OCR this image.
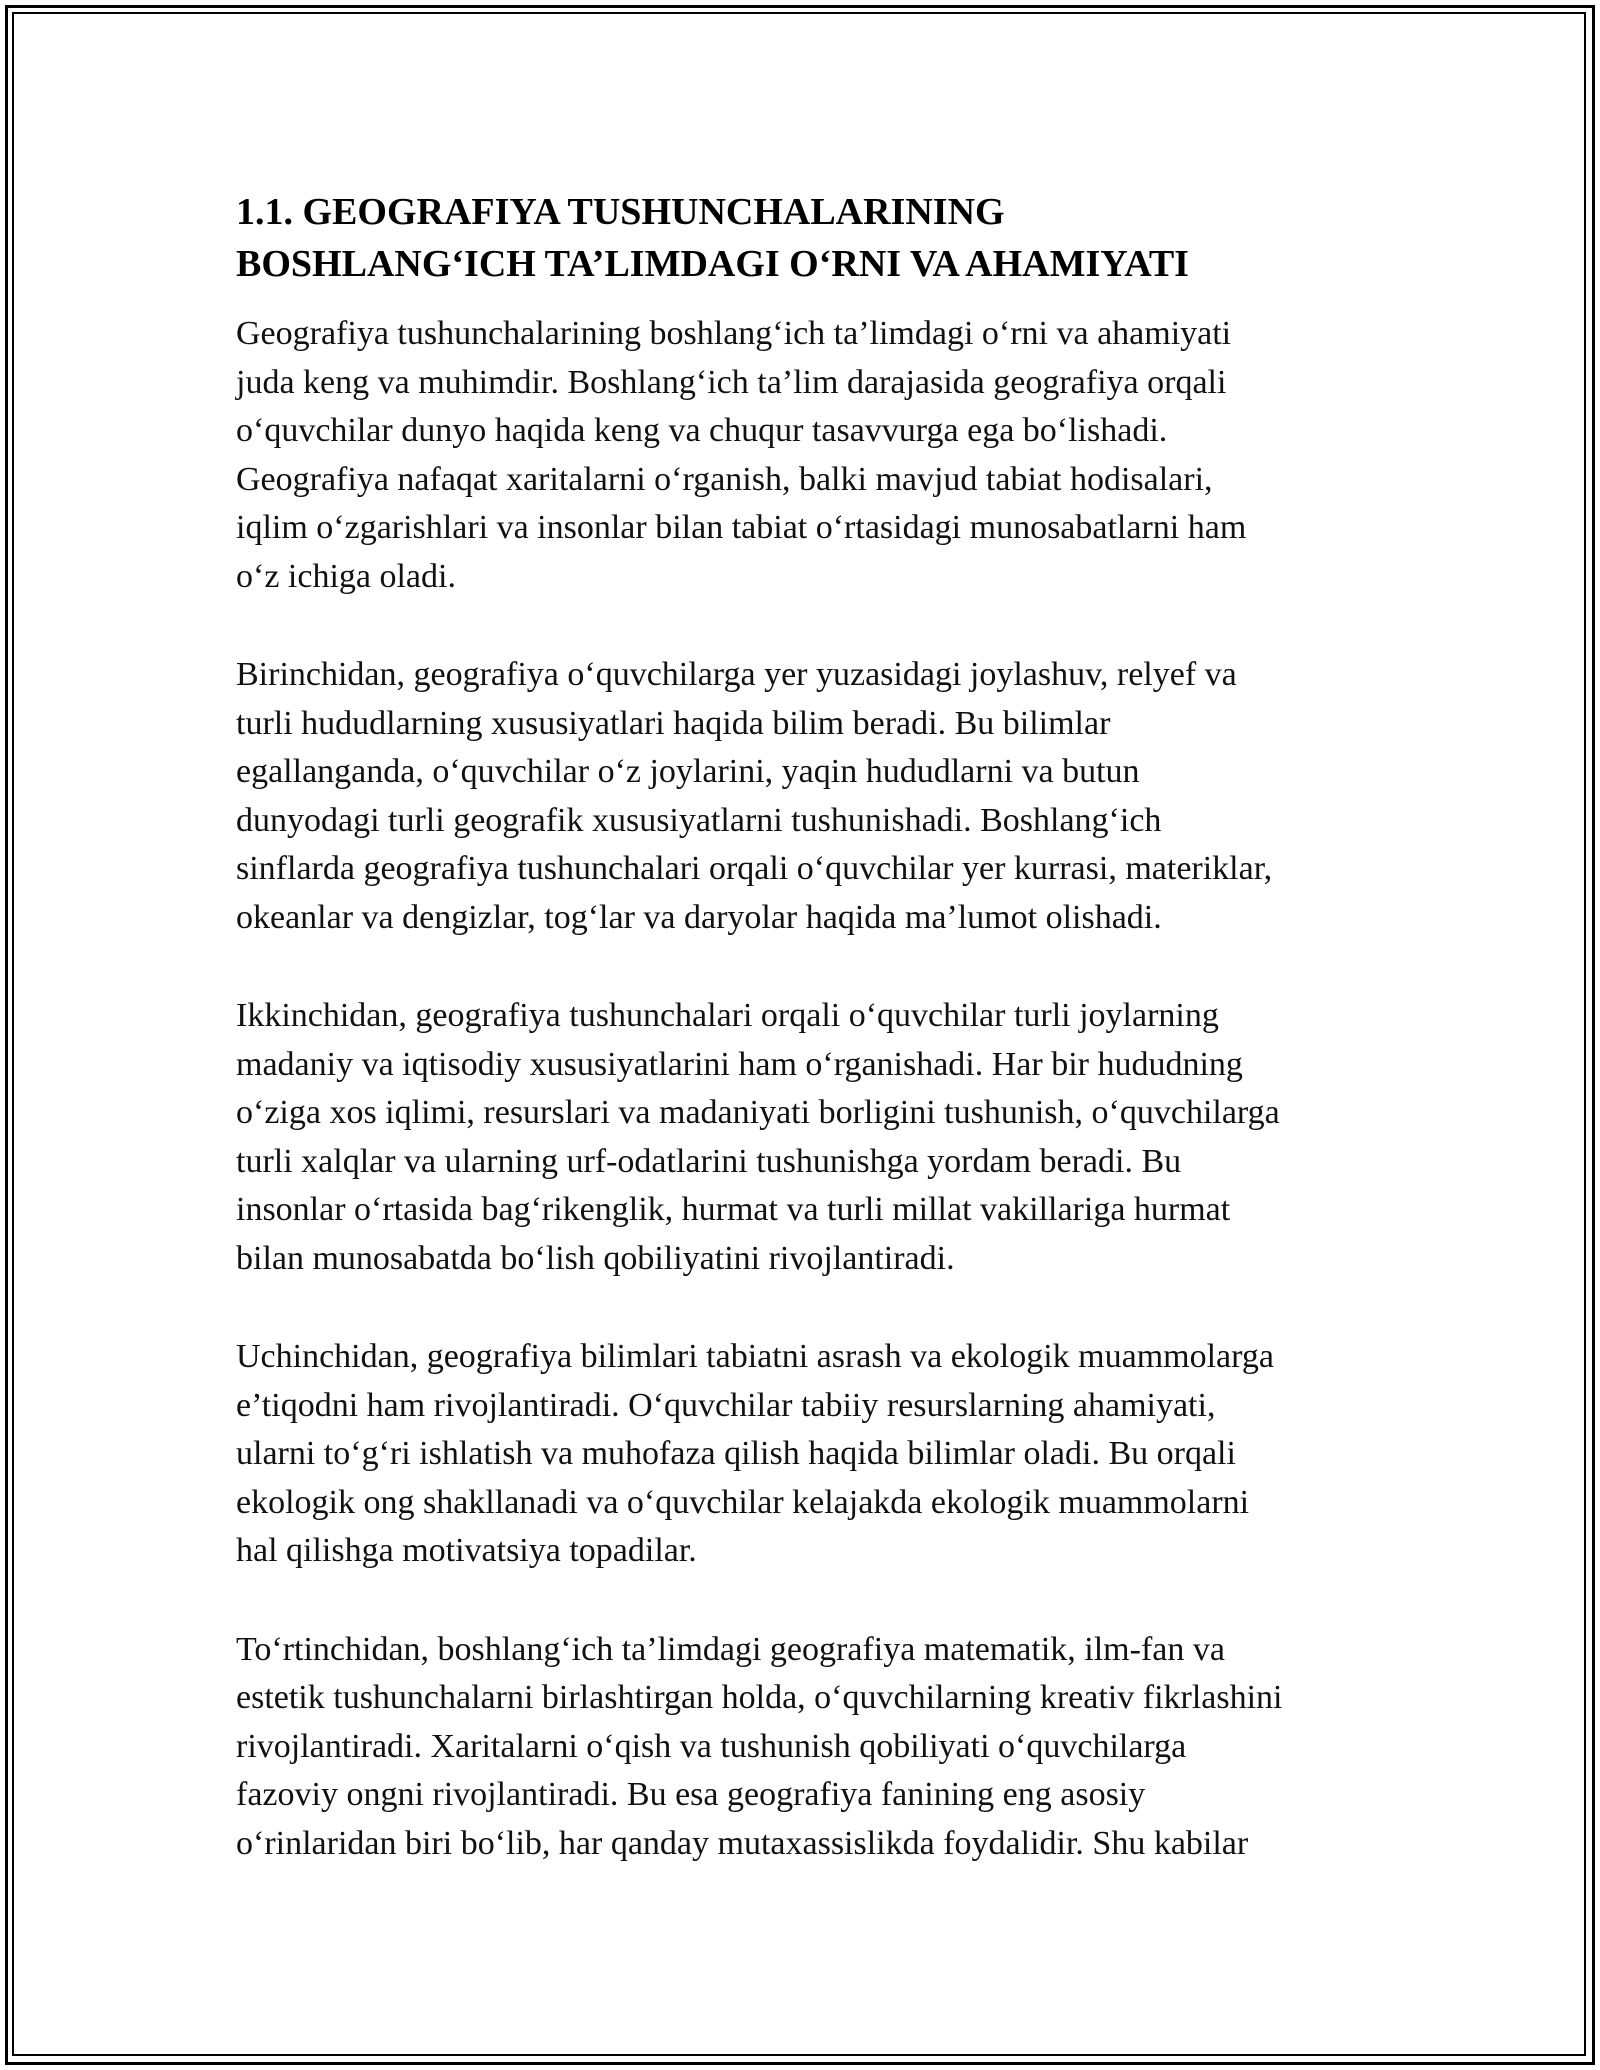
1.1. GEOGRAFIYA TUSHUNCHALARINING
BOSHLANG‘ICH TA’LIMDAGI O‘RNI VA AHAMIYATI

Geografiya tushunchalarining boshlang‘ich ta’limdagi o‘rni va ahamiyati
juda keng va muhimdir. Boshlang‘ich ta’lim darajasida geografiya orqali
o‘quvchilar dunyo haqida keng va chuqur tasavvurga ega bo‘lishadi.
Geografiya nafaqat xaritalarni o‘rganish, balki mavjud tabiat hodisalari,
iqlim o‘zgarishlari va insonlar bilan tabiat o‘rtasidagi munosabatlarni ham
o‘z ichiga oladi.

Birinchidan, geografiya o‘quvchilarga yer yuzasidagi joylashuv, relyef va
turli hududlarning xususiyatlari haqida bilim beradi. Bu bilimlar
egallanganda, o‘quvchilar o‘z joylarini, yaqin hududlarni va butun
dunyodagi turli geografik xususiyatlarni tushunishadi. Boshlang‘ich
sinflarda geografiya tushunchalari orqali o‘quvchilar yer kurrasi, materiklar,
okeanlar va dengizlar, tog‘lar va daryolar haqida ma’lumot olishadi.

Ikkinchidan, geografiya tushunchalari orqali o‘quvchilar turli joylarning
madaniy va iqtisodiy xususiyatlarini ham o‘rganishadi. Har bir hududning
o‘ziga xos iqlimi, resurslari va madaniyati borligini tushunish, o‘quvchilarga
turli xalqlar va ularning urf-odatlarini tushunishga yordam beradi. Bu
insonlar o‘rtasida bag‘rikenglik, hurmat va turli millat vakillariga hurmat
bilan munosabatda bo‘lish qobiliyatini rivojlantiradi.

Uchinchidan, geografiya bilimlari tabiatni asrash va ekologik muammolarga
e’tiqodni ham rivojlantiradi. O‘quvchilar tabiiy resurslarning ahamiyati,
ularni to‘g‘ri ishlatish va muhofaza qilish haqida bilimlar oladi. Bu orqali
ekologik ong shakllanadi va o‘quvchilar kelajakda ekologik muammolarni
hal qilishga motivatsiya topadilar.

To‘rtinchidan, boshlang‘ich ta’limdagi geografiya matematik, ilm-fan va
estetik tushunchalarni birlashtirgan holda, o‘quvchilarning kreativ fikrlashini
rivojlantiradi. Xaritalarni o‘qish va tushunish qobiliyati o‘quvchilarga
fazoviy ongni rivojlantiradi. Bu esa geografiya fanining eng asosiy
o‘rinlaridan biri bo‘lib, har qanday mutaxassislikda foydalidir. Shu kabilar
